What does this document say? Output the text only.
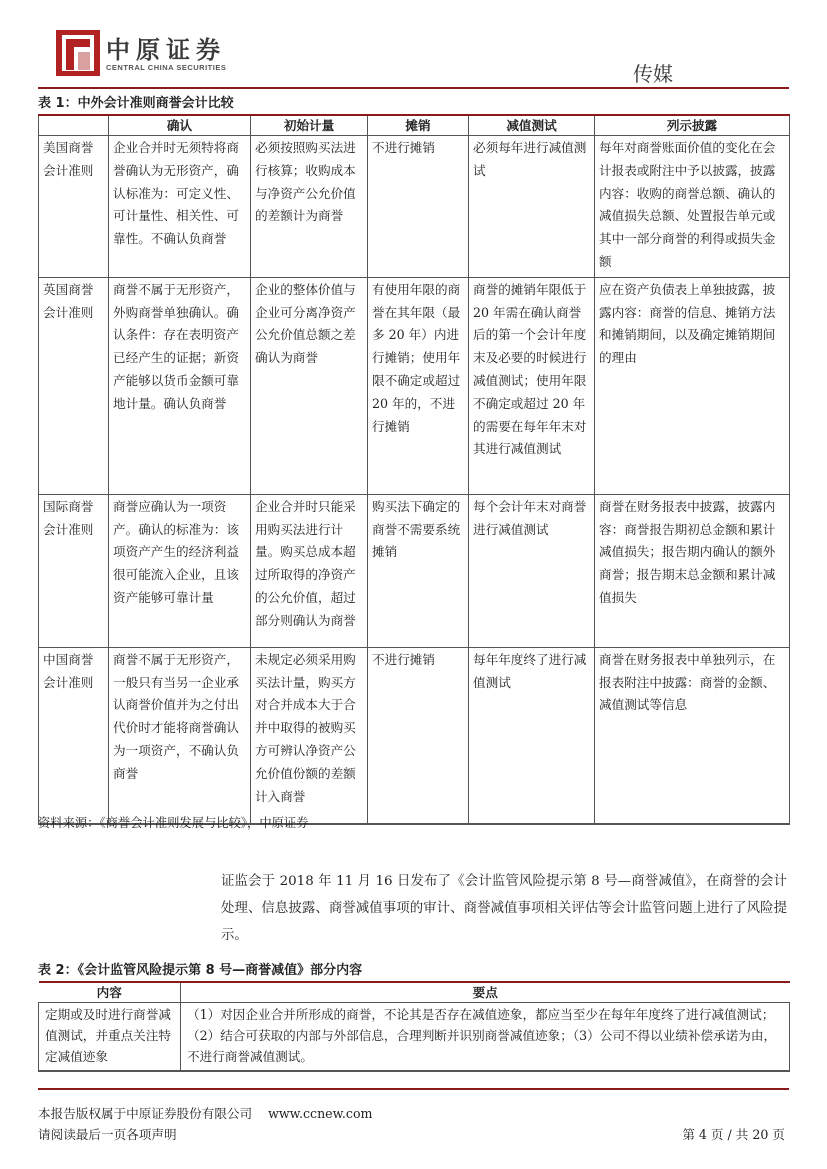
中原证券
CENTRAL CHINA SECURITIES	传媒
表 1：中外会计准则商誉会计比较
	确认	初始计量	摊销	减值测试	列示披露
美国商誉会计准则	企业合并时无须特将商誉确认为无形资产，确认标准为：可定义性、可计量性、相关性、可靠性。不确认负商誉	必须按照购买法进行核算；收购成本与净资产公允价值的差额计为商誉	不进行摊销	必须每年进行减值测试	每年对商誉账面价值的变化在会计报表或附注中予以披露，披露内容：收购的商誉总额、确认的减值损失总额、处置报告单元或其中一部分商誉的利得或损失金额
英国商誉会计准则	商誉不属于无形资产，外购商誉单独确认。确认条件：存在表明资产已经产生的证据；新资产能够以货币金额可靠地计量。确认负商誉	企业的整体价值与企业可分离净资产公允价值总额之差确认为商誉	有使用年限的商誉在其年限（最多 20 年）内进行摊销；使用年限不确定或超过 20 年的，不进行摊销	商誉的摊销年限低于 20 年需在确认商誉后的第一个会计年度末及必要的时候进行减值测试；使用年限不确定或超过 20 年的需要在每年年末对其进行减值测试	应在资产负债表上单独披露，披露内容：商誉的信息、摊销方法和摊销期间，以及确定摊销期间的理由
国际商誉会计准则	商誉应确认为一项资产。确认的标准为：该项资产产生的经济利益很可能流入企业，且该资产能够可靠计量	企业合并时只能采用购买法进行计量。购买总成本超过所取得的净资产的公允价值，超过部分则确认为商誉	购买法下确定的商誉不需要系统摊销	每个会计年末对商誉进行减值测试	商誉在财务报表中披露，披露内容：商誉报告期初总金额和累计减值损失；报告期内确认的额外商誉；报告期末总金额和累计减值损失
中国商誉会计准则	商誉不属于无形资产，一般只有当另一企业承认商誉价值并为之付出代价时才能将商誉确认为一项资产，不确认负商誉	未规定必须采用购买法计量，购买方对合并成本大于合并中取得的被购买方可辨认净资产公允价值份额的差额计入商誉	不进行摊销	每年年度终了进行减值测试	商誉在财务报表中单独列示，在报表附注中披露：商誉的金额、减值测试等信息
资料来源：《商誉会计准则发展与比较》，中原证券
证监会于 2018 年 11 月 16 日发布了《会计监管风险提示第 8 号—商誉减值》，在商誉的会计处理、信息披露、商誉减值事项的审计、商誉减值事项相关评估等会计监管问题上进行了风险提示。
表 2：《会计监管风险提示第 8 号—商誉减值》部分内容
内容	要点
定期或及时进行商誉减值测试，并重点关注特定减值迹象	（1）对因企业合并所形成的商誉，不论其是否存在减值迹象，都应当至少在每年年度终了进行减值测试；（2）结合可获取的内部与外部信息，合理判断并识别商誉减值迹象；（3）公司不得以业绩补偿承诺为由，不进行商誉减值测试。
本报告版权属于中原证券股份有限公司 www.ccnew.com
请阅读最后一页各项声明	第 4 页 / 共 20 页
